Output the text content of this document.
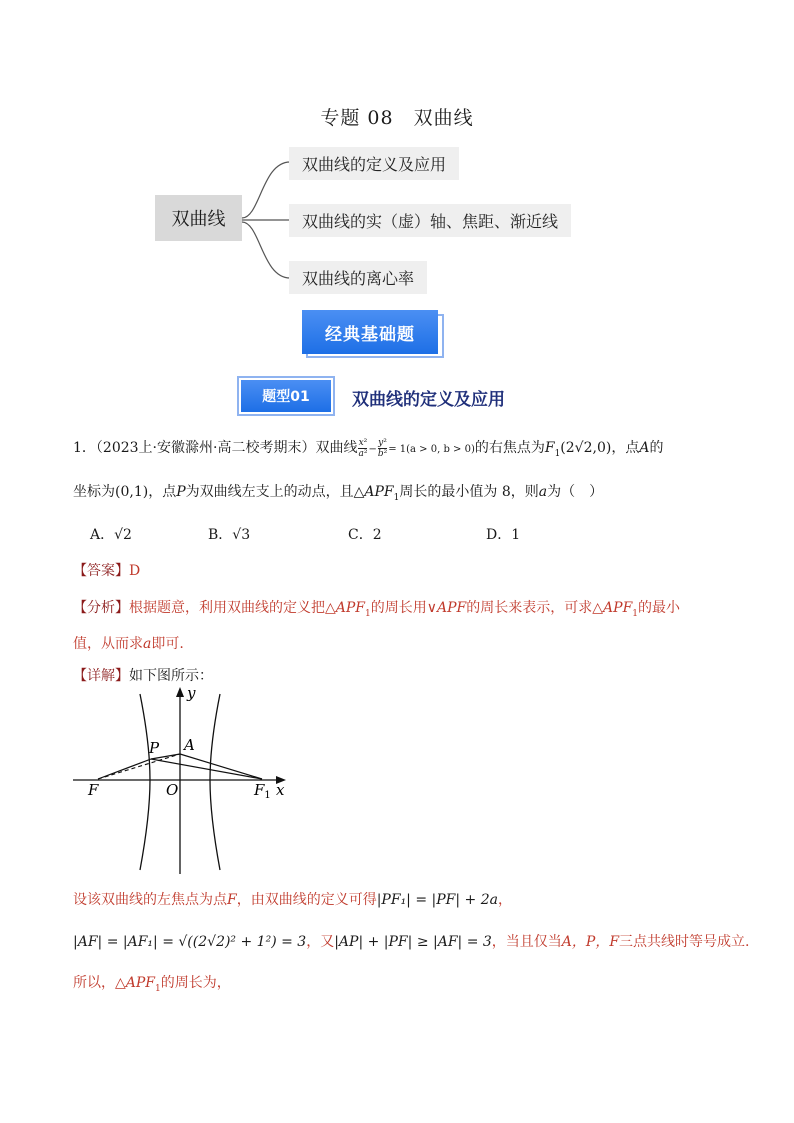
专题 08　双曲线
双曲线
双曲线的定义及应用
双曲线的实（虚）轴、焦距、渐近线
双曲线的离心率
经典基础题
题型01	双曲线的定义及应用
1．（2023上·安徽滁州·高二校考期末）双曲线 $\frac{\text{x²}}{\text{a²}} - \frac{\text{y²}}{\text{b²}} = 1(a > 0$, b > 0)的右焦点为$F_1(2√2,0)$，点A的
坐标为(0,1)，点P为双曲线左支上的动点，且$\triangle APF_1$周长的最小值为 8，则a为（　）
A．√2	B．√3	C．2	D．1
【答案】D
【分析】根据题意，利用双曲线的定义把$\triangle APF_1$的周长用∨APF的周长来表示，可求$\triangle APF_1$的最小
值，从而求a即可.
【详解】如下图所示：
y
x
O
F	$F_1$
P A
设该双曲线的左焦点为点F，由双曲线的定义可得|PF₁| = |PF| + 2a，
|AF| = |AF₁| = √((2√2)² + 1²) = 3，又|AP| + |PF| ≥ |AF| = 3，当且仅当A，P，F三点共线时等号成立.
所以，$\triangle APF_1$的周长为，
